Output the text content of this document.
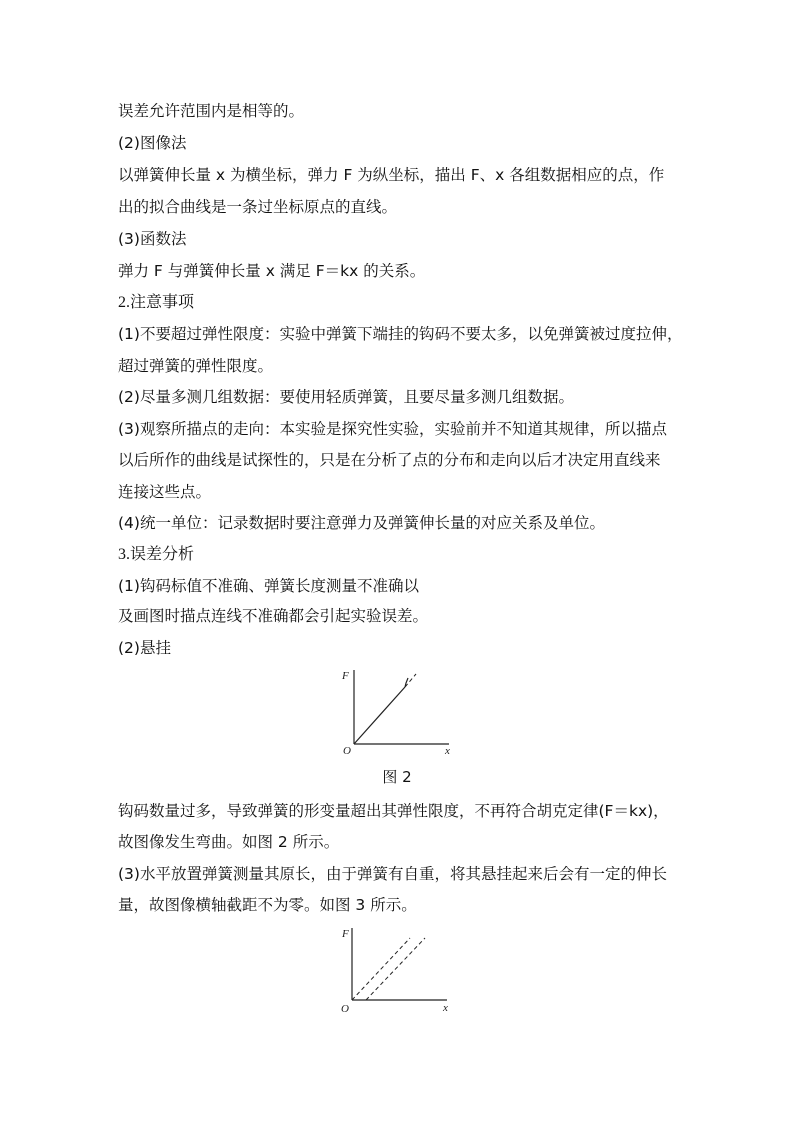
误差允许范围内是相等的。
(2)图像法
以弹簧伸长量 x 为横坐标，弹力 F 为纵坐标，描出 F、x 各组数据相应的点，作
出的拟合曲线是一条过坐标原点的直线。
(3)函数法
弹力 F 与弹簧伸长量 x 满足 F＝kx 的关系。
2.注意事项
(1)不要超过弹性限度：实验中弹簧下端挂的钩码不要太多，以免弹簧被过度拉伸，
超过弹簧的弹性限度。
(2)尽量多测几组数据：要使用轻质弹簧，且要尽量多测几组数据。
(3)观察所描点的走向：本实验是探究性实验，实验前并不知道其规律，所以描点
以后所作的曲线是试探性的，只是在分析了点的分布和走向以后才决定用直线来
连接这些点。
(4)统一单位：记录数据时要注意弹力及弹簧伸长量的对应关系及单位。
3.误差分析
(1)钩码标值不准确、弹簧长度测量不准确以
及画图时描点连线不准确都会引起实验误差。
(2)悬挂
F
x
O
图 2
钩码数量过多，导致弹簧的形变量超出其弹性限度，不再符合胡克定律(F＝kx)，
故图像发生弯曲。如图 2 所示。
(3)水平放置弹簧测量其原长，由于弹簧有自重，将其悬挂起来后会有一定的伸长
量，故图像横轴截距不为零。如图 3 所示。
F
x
O
